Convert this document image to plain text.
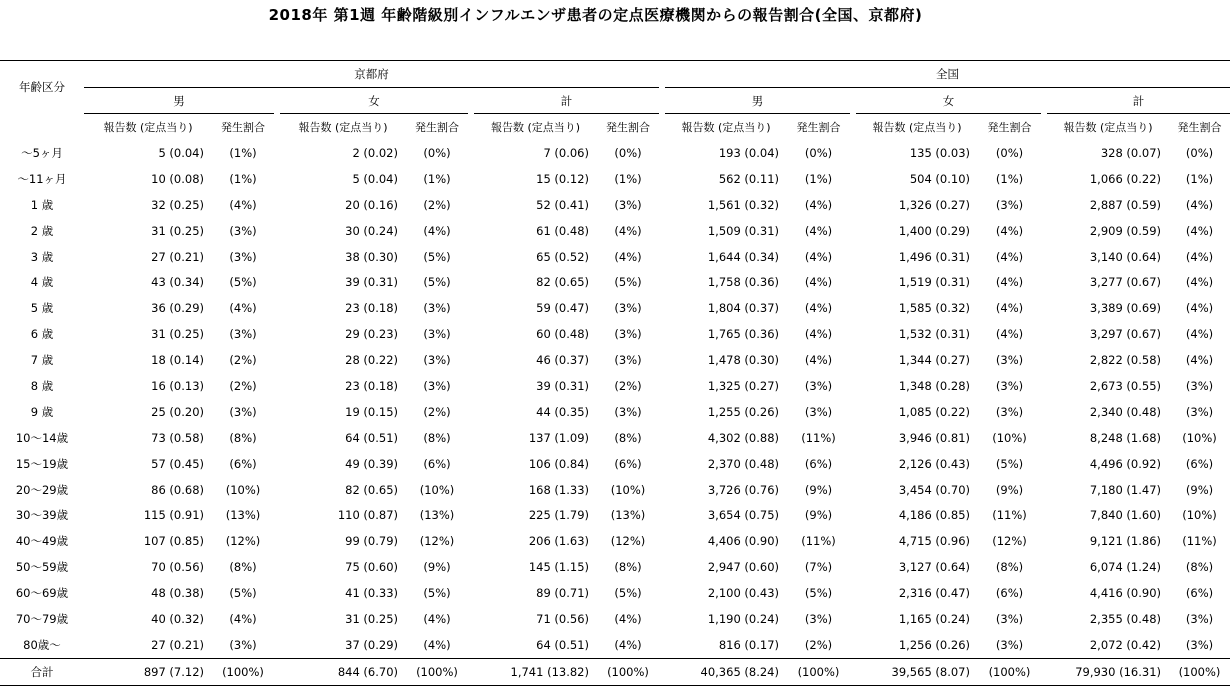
2018年 第1週 年齢階級別インフルエンザ患者の定点医療機関からの報告割合(全国、京都府)
年齢区分	京都府									全国							
	男			女			計			男			女			計	
	報告数 (定点当り)	発生割合		報告数 (定点当り)	発生割合		報告数 (定点当り)	発生割合		報告数 (定点当り)	発生割合		報告数 (定点当り)	発生割合		報告数 (定点当り)	発生割合
～5ヶ月	5 (0.04)	(1%)		2 (0.02)	(0%)		7 (0.06)	(0%)		193 (0.04)	(0%)		135 (0.03)	(0%)		328 (0.07)	(0%)
～11ヶ月	10 (0.08)	(1%)		5 (0.04)	(1%)		15 (0.12)	(1%)		562 (0.11)	(1%)		504 (0.10)	(1%)		1,066 (0.22)	(1%)
1 歳	32 (0.25)	(4%)		20 (0.16)	(2%)		52 (0.41)	(3%)		1,561 (0.32)	(4%)		1,326 (0.27)	(3%)		2,887 (0.59)	(4%)
2 歳	31 (0.25)	(3%)		30 (0.24)	(4%)		61 (0.48)	(4%)		1,509 (0.31)	(4%)		1,400 (0.29)	(4%)		2,909 (0.59)	(4%)
3 歳	27 (0.21)	(3%)		38 (0.30)	(5%)		65 (0.52)	(4%)		1,644 (0.34)	(4%)		1,496 (0.31)	(4%)		3,140 (0.64)	(4%)
4 歳	43 (0.34)	(5%)		39 (0.31)	(5%)		82 (0.65)	(5%)		1,758 (0.36)	(4%)		1,519 (0.31)	(4%)		3,277 (0.67)	(4%)
5 歳	36 (0.29)	(4%)		23 (0.18)	(3%)		59 (0.47)	(3%)		1,804 (0.37)	(4%)		1,585 (0.32)	(4%)		3,389 (0.69)	(4%)
6 歳	31 (0.25)	(3%)		29 (0.23)	(3%)		60 (0.48)	(3%)		1,765 (0.36)	(4%)		1,532 (0.31)	(4%)		3,297 (0.67)	(4%)
7 歳	18 (0.14)	(2%)		28 (0.22)	(3%)		46 (0.37)	(3%)		1,478 (0.30)	(4%)		1,344 (0.27)	(3%)		2,822 (0.58)	(4%)
8 歳	16 (0.13)	(2%)		23 (0.18)	(3%)		39 (0.31)	(2%)		1,325 (0.27)	(3%)		1,348 (0.28)	(3%)		2,673 (0.55)	(3%)
9 歳	25 (0.20)	(3%)		19 (0.15)	(2%)		44 (0.35)	(3%)		1,255 (0.26)	(3%)		1,085 (0.22)	(3%)		2,340 (0.48)	(3%)
10～14歳	73 (0.58)	(8%)		64 (0.51)	(8%)		137 (1.09)	(8%)		4,302 (0.88)	(11%)		3,946 (0.81)	(10%)		8,248 (1.68)	(10%)
15～19歳	57 (0.45)	(6%)		49 (0.39)	(6%)		106 (0.84)	(6%)		2,370 (0.48)	(6%)		2,126 (0.43)	(5%)		4,496 (0.92)	(6%)
20～29歳	86 (0.68)	(10%)		82 (0.65)	(10%)		168 (1.33)	(10%)		3,726 (0.76)	(9%)		3,454 (0.70)	(9%)		7,180 (1.47)	(9%)
30～39歳	115 (0.91)	(13%)		110 (0.87)	(13%)		225 (1.79)	(13%)		3,654 (0.75)	(9%)		4,186 (0.85)	(11%)		7,840 (1.60)	(10%)
40～49歳	107 (0.85)	(12%)		99 (0.79)	(12%)		206 (1.63)	(12%)		4,406 (0.90)	(11%)		4,715 (0.96)	(12%)		9,121 (1.86)	(11%)
50～59歳	70 (0.56)	(8%)		75 (0.60)	(9%)		145 (1.15)	(8%)		2,947 (0.60)	(7%)		3,127 (0.64)	(8%)		6,074 (1.24)	(8%)
60～69歳	48 (0.38)	(5%)		41 (0.33)	(5%)		89 (0.71)	(5%)		2,100 (0.43)	(5%)		2,316 (0.47)	(6%)		4,416 (0.90)	(6%)
70～79歳	40 (0.32)	(4%)		31 (0.25)	(4%)		71 (0.56)	(4%)		1,190 (0.24)	(3%)		1,165 (0.24)	(3%)		2,355 (0.48)	(3%)
80歳～	27 (0.21)	(3%)		37 (0.29)	(4%)		64 (0.51)	(4%)		816 (0.17)	(2%)		1,256 (0.26)	(3%)		2,072 (0.42)	(3%)
合計	897 (7.12)	(100%)		844 (6.70)	(100%)		1,741 (13.82)	(100%)		40,365 (8.24)	(100%)		39,565 (8.07)	(100%)		79,930 (16.31)	(100%)
